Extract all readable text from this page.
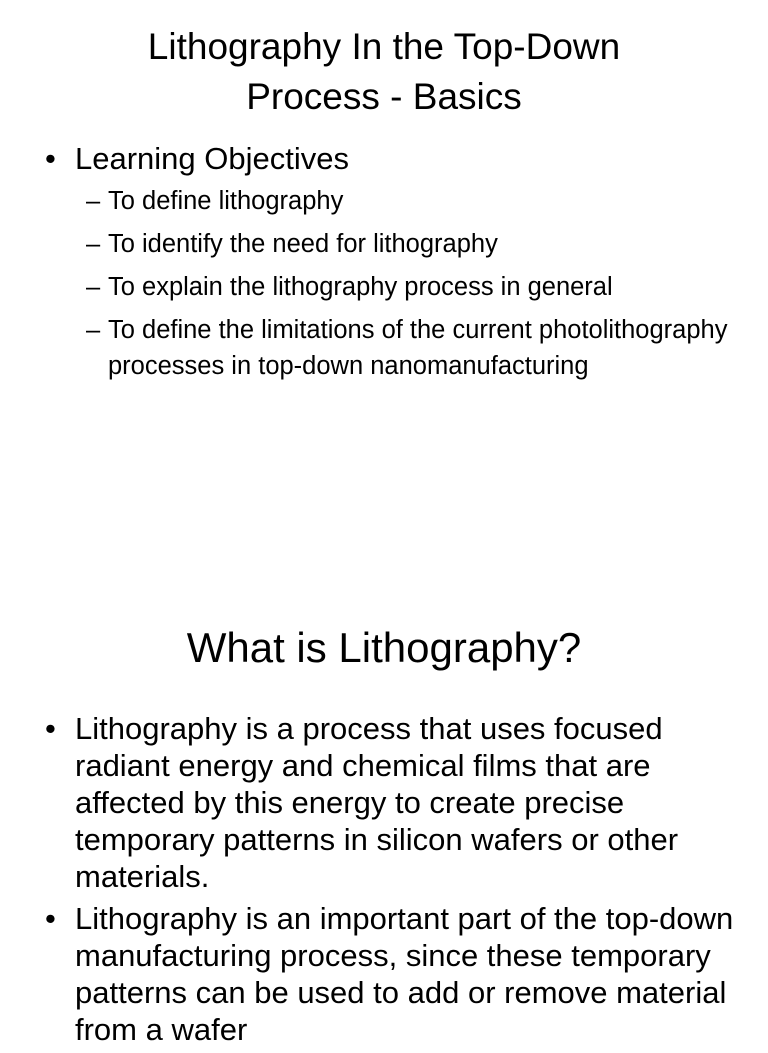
Lithography In the Top-Down
Process - Basics
• Learning Objectives
– To define lithography
– To identify the need for lithography
– To explain the lithography process in general
– To define the limitations of the current photolithography processes in top-down nanomanufacturing
What is Lithography?
• Lithography is a process that uses focused radiant energy and chemical films that are affected by this energy to create precise temporary patterns in silicon wafers or other materials.
• Lithography is an important part of the top-down manufacturing process, since these temporary patterns can be used to add or remove material from a wafer
